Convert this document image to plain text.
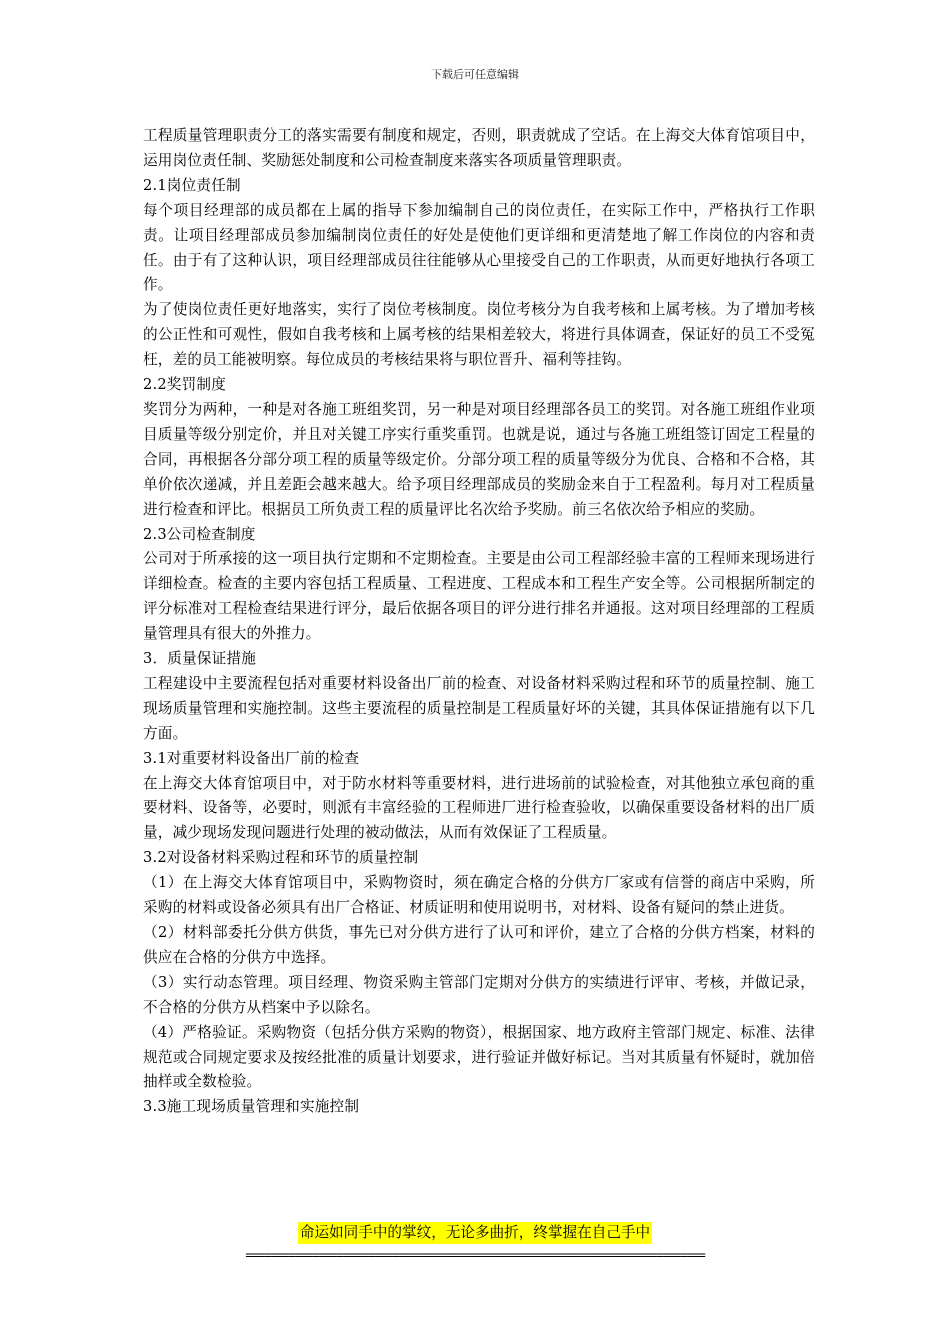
下载后可任意编辑

工程质量管理职责分工的落实需要有制度和规定，否则，职责就成了空话。在上海交大体育馆项目中，运用岗位责任制、奖励惩处制度和公司检查制度来落实各项质量管理职责。

2.1岗位责任制

每个项目经理部的成员都在上属的指导下参加编制自己的岗位责任，在实际工作中，严格执行工作职责。让项目经理部成员参加编制岗位责任的好处是使他们更详细和更清楚地了解工作岗位的内容和责任。由于有了这种认识，项目经理部成员往往能够从心里接受自己的工作职责，从而更好地执行各项工作。

为了使岗位责任更好地落实，实行了岗位考核制度。岗位考核分为自我考核和上属考核。为了增加考核的公正性和可观性，假如自我考核和上属考核的结果相差较大，将进行具体调查，保证好的员工不受冤枉，差的员工能被明察。每位成员的考核结果将与职位晋升、福利等挂钩。

2.2奖罚制度

奖罚分为两种，一种是对各施工班组奖罚，另一种是对项目经理部各员工的奖罚。对各施工班组作业项目质量等级分别定价，并且对关键工序实行重奖重罚。也就是说，通过与各施工班组签订固定工程量的合同，再根据各分部分项工程的质量等级定价。分部分项工程的质量等级分为优良、合格和不合格，其单价依次递减，并且差距会越来越大。给予项目经理部成员的奖励金来自于工程盈利。每月对工程质量进行检查和评比。根据员工所负责工程的质量评比名次给予奖励。前三名依次给予相应的奖励。

2.3公司检查制度

公司对于所承接的这一项目执行定期和不定期检查。主要是由公司工程部经验丰富的工程师来现场进行详细检查。检查的主要内容包括工程质量、工程进度、工程成本和工程生产安全等。公司根据所制定的评分标准对工程检查结果进行评分，最后依据各项目的评分进行排名并通报。这对项目经理部的工程质量管理具有很大的外推力。

3．质量保证措施

工程建设中主要流程包括对重要材料设备出厂前的检查、对设备材料采购过程和环节的质量控制、施工现场质量管理和实施控制。这些主要流程的质量控制是工程质量好坏的关键，其具体保证措施有以下几方面。

3.1对重要材料设备出厂前的检查

在上海交大体育馆项目中，对于防水材料等重要材料，进行进场前的试验检查，对其他独立承包商的重要材料、设备等，必要时，则派有丰富经验的工程师进厂进行检查验收，以确保重要设备材料的出厂质量，减少现场发现问题进行处理的被动做法，从而有效保证了工程质量。

3.2对设备材料采购过程和环节的质量控制

（1）在上海交大体育馆项目中，采购物资时，须在确定合格的分供方厂家或有信誉的商店中采购，所采购的材料或设备必须具有出厂合格证、材质证明和使用说明书，对材料、设备有疑问的禁止进货。

（2）材料部委托分供方供货，事先已对分供方进行了认可和评价，建立了合格的分供方档案，材料的供应在合格的分供方中选择。

（3）实行动态管理。项目经理、物资采购主管部门定期对分供方的实绩进行评审、考核，并做记录，不合格的分供方从档案中予以除名。

（4）严格验证。采购物资（包括分供方采购的物资），根据国家、地方政府主管部门规定、标准、法律规范或合同规定要求及按经批准的质量计划要求，进行验证并做好标记。当对其质量有怀疑时，就加倍抽样或全数检验。

3.3施工现场质量管理和实施控制

命运如同手中的掌纹，无论多曲折，终掌握在自己手中
===========================================================================
